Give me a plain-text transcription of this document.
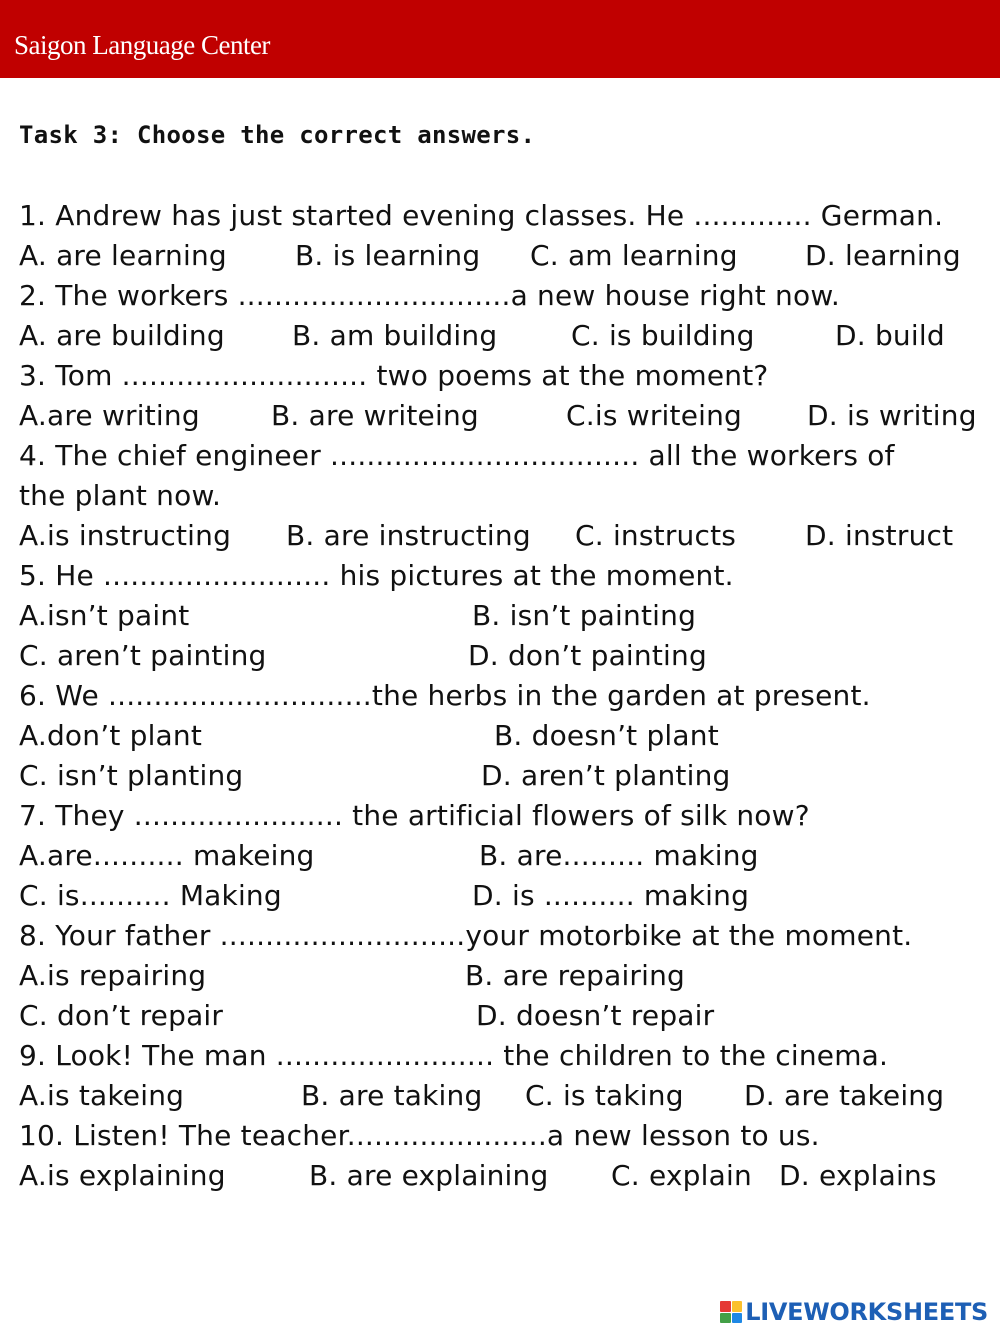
Saigon Language Center
Task 3: Choose the correct answers.
1. Andrew has just started evening classes. He ............. German.
A. are learning B. is learning C. am learning D. learning
2. The workers ..............................a new house right now.
A. are building B. am building	C. is building	D. build
3. Tom ........................... two poems at the moment?
A.are writing	B. are writeing	C.is writeing D. is writing
4. The chief engineer .................................. all the workers of
the plant now.
A.is instructing B. are instructing C. instructs D. instruct
5. He ......................... his pictures at the moment.
A.isn’t paint	B. isn’t painting
C. aren’t painting	D. don’t painting
6. We .............................the herbs in the garden at present.
A.don’t plant	B. doesn’t plant
C. isn’t planting	D. aren’t planting
7. They ....................... the artificial flowers of silk now?
A.are.......... makeing	B. are......... making
C. is.......... Making	D. is .......... making
8. Your father ...........................your motorbike at the moment.
A.is repairing	B. are repairing
C. don’t repair	D. doesn’t repair
9. Look! The man ........................ the children to the cinema.
A.is takeing	B. are taking C. is taking D. are takeing
10. Listen! The teacher......................a new lesson to us.
A.is explaining	B. are explaining C. explain D. explains
LIVEWORKSHEETS
